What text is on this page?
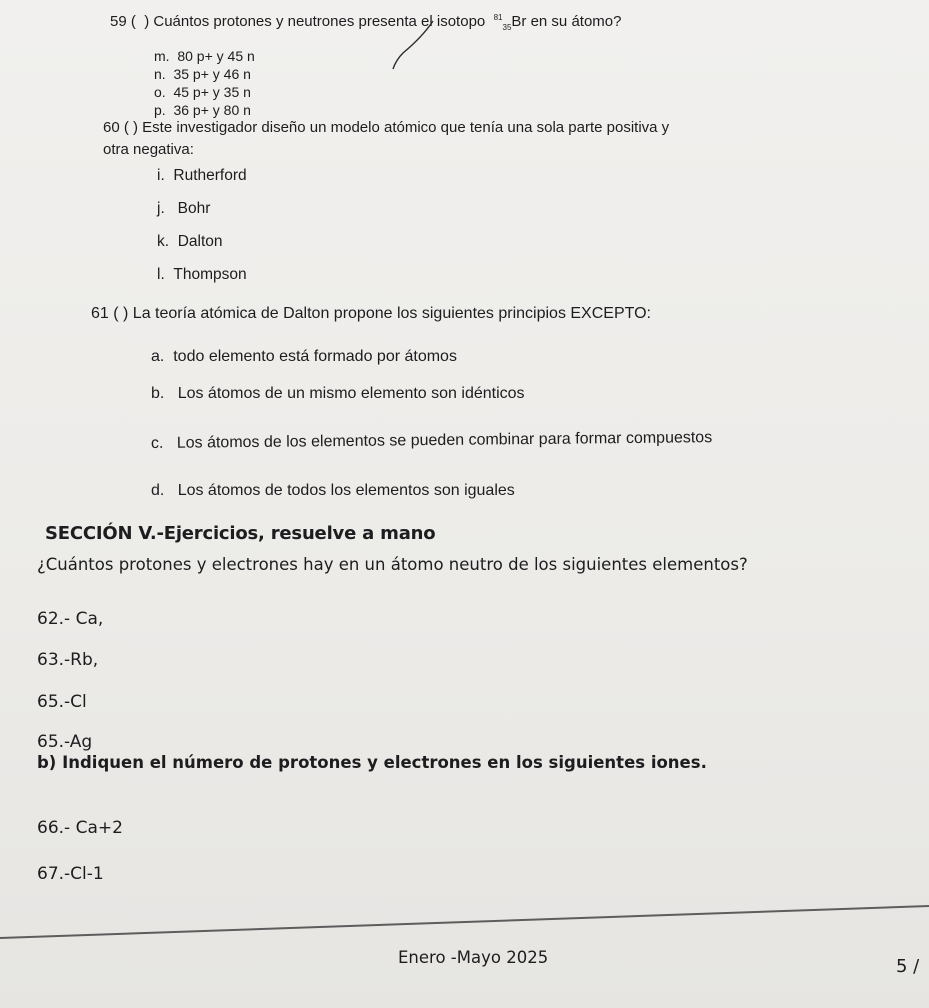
59 ( ) Cuántos protones y neutrones presenta el isotopo $^{81}_{35}$Br en su átomo?
m. 80 p+ y 45 n
n. 35 p+ y 46 n
o. 45 p+ y 35 n
p. 36 p+ y 80 n
60 ( ) Este investigador diseño un modelo atómico que tenía una sola parte positiva y
otra negativa:
i. Rutherford
j. Bohr
k. Dalton
l. Thompson
61 ( ) La teoría atómica de Dalton propone los siguientes principios EXCEPTO:
a. todo elemento está formado por átomos
b. Los átomos de un mismo elemento son idénticos
c. Los átomos de los elementos se pueden combinar para formar compuestos
d. Los átomos de todos los elementos son iguales
SECCIÓN V.-Ejercicios, resuelve a mano
¿Cuántos protones y electrones hay en un átomo neutro de los siguientes elementos?
62.- Ca,
63.-Rb,
65.-Cl
65.-Ag
b) Indiquen el número de protones y electrones en los siguientes iones.
66.- Ca+2
67.-Cl-1
Enero -Mayo 2025	5 /
